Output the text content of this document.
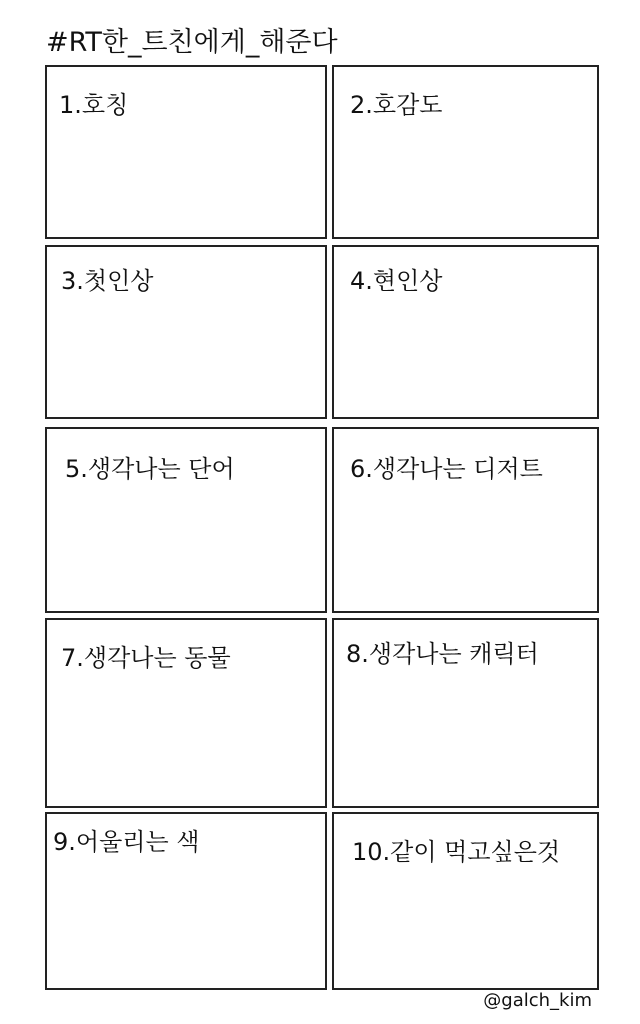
#RT한_트친에게_해준다
1.호칭	2.호감도
3.첫인상	4.현인상
5.생각나는 단어	6.생각나는 디저트
7.생각나는 동물	8.생각나는 캐릭터
9.어울리는 색	10.같이 먹고싶은것
@galch_kim
